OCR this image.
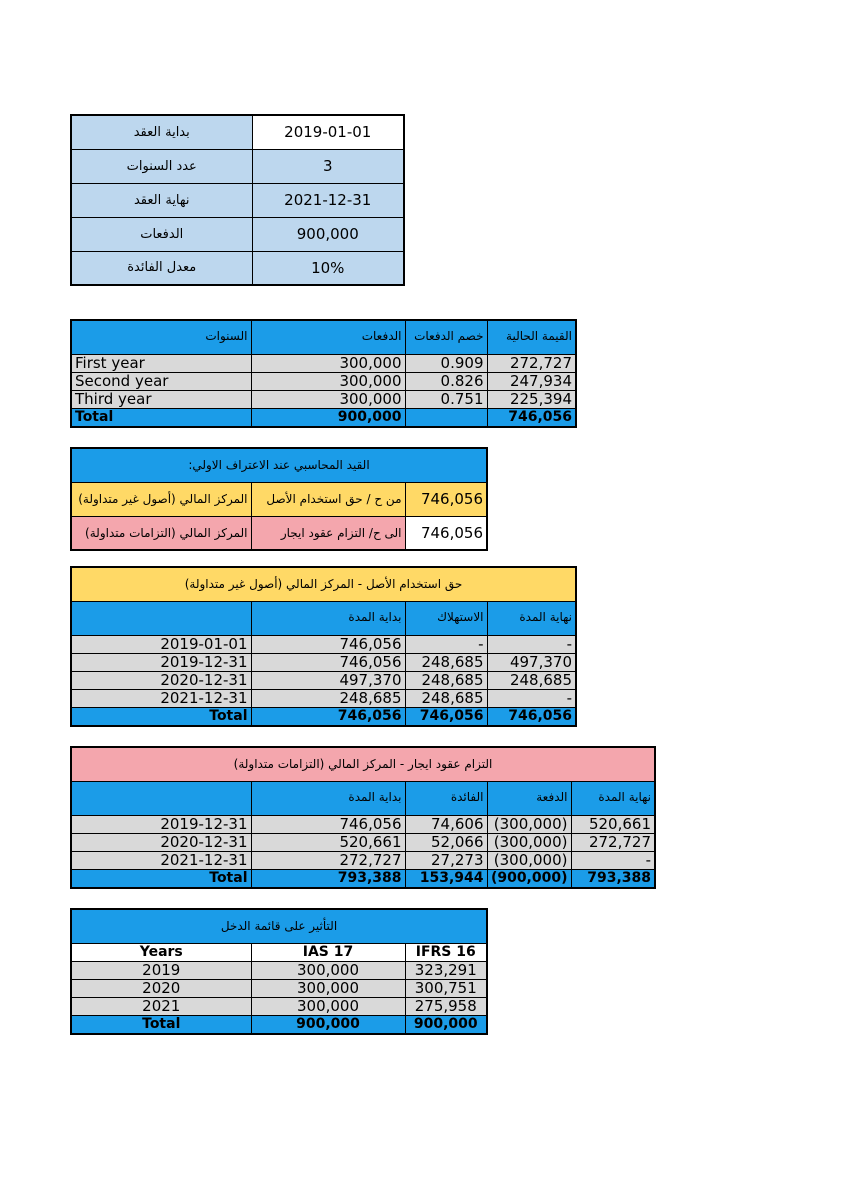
بداية العقد	2019-01-01
عدد السنوات	3
نهاية العقد	2021-12-31
الدفعات	900,000
معدل الفائدة	10%
السنوات	الدفعات	خصم الدفعات	القيمة الحالية
First year	300,000	0.909	272,727
Second year	300,000	0.826	247,934
Third year	300,000	0.751	225,394
Total	900,000		746,056
القيد المحاسبي عند الاعتراف الاولي:		
المركز المالي (أصول غير متداولة)	من ح / حق استخدام الأصل	746,056
المركز المالي (التزامات متداولة)	الى ح/ التزام عقود ايجار	746,056
حق استخدام الأصل - المركز المالي (أصول غير متداولة)			
	بداية المدة	الاستهلاك	نهاية المدة
2019-01-01	746,056	-	-
2019-12-31	746,056	248,685	497,370
2020-12-31	497,370	248,685	248,685
2021-12-31	248,685	248,685	-
Total	746,056	746,056	746,056
التزام عقود ايجار - المركز المالي (التزامات متداولة)				
	بداية المدة	الفائدة	الدفعة	نهاية المدة
2019-12-31	746,056	74,606	(300,000)	520,661
2020-12-31	520,661	52,066	(300,000)	272,727
2021-12-31	272,727	27,273	(300,000)	-
Total	793,388	153,944	(900,000)	793,388
التأثير على قائمة الدخل		
Years	IAS 17	IFRS 16
2019	300,000	323,291
2020	300,000	300,751
2021	300,000	275,958
Total	900,000	900,000
